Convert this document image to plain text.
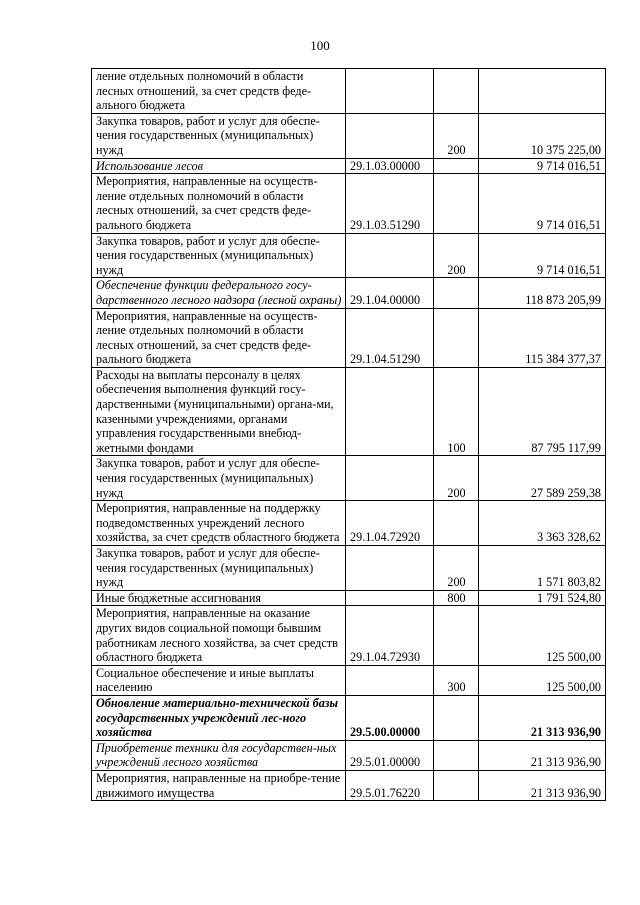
100
ление отдельных полномочий в области лесных отношений, за счет средств феде-ального бюджета			
Закупка товаров, работ и услуг для обеспе-чения государственных (муниципальных) нужд		200	10 375 225,00
Использование лесов	29.1.03.00000		9 714 016,51
Мероприятия, направленные на осуществ-ление отдельных полномочий в области лесных отношений, за счет средств феде-рального бюджета	29.1.03.51290		9 714 016,51
Закупка товаров, работ и услуг для обеспе-чения государственных (муниципальных) нужд		200	9 714 016,51
Обеспечение функции федерального госу-дарственного лесного надзора (лесной охраны)	29.1.04.00000		118 873 205,99
Мероприятия, направленные на осуществ-ление отдельных полномочий в области лесных отношений, за счет средств феде-рального бюджета	29.1.04.51290		115 384 377,37
Расходы на выплаты персоналу в целях обеспечения выполнения функций госу-дарственными (муниципальными) органа-ми, казенными учреждениями, органами управления государственными внебюд-жетными фондами		100	87 795 117,99
Закупка товаров, работ и услуг для обеспе-чения государственных (муниципальных) нужд		200	27 589 259,38
Мероприятия, направленные на поддержку подведомственных учреждений лесного хозяйства, за счет средств областного бюджета	29.1.04.72920		3 363 328,62
Закупка товаров, работ и услуг для обеспе-чения государственных (муниципальных) нужд		200	1 571 803,82
Иные бюджетные ассигнования		800	1 791 524,80
Мероприятия, направленные на оказание других видов социальной помощи бывшим работникам лесного хозяйства, за счет средств областного бюджета	29.1.04.72930		125 500,00
Социальное обеспечение и иные выплаты населению		300	125 500,00
Обновление материально-технической базы государственных учреждений лес-ного хозяйства	29.5.00.00000		21 313 936,90
Приобретение техники для государствен-ных учреждений лесного хозяйства	29.5.01.00000		21 313 936,90
Мероприятия, направленные на приобре-тение движимого имущества	29.5.01.76220		21 313 936,90
